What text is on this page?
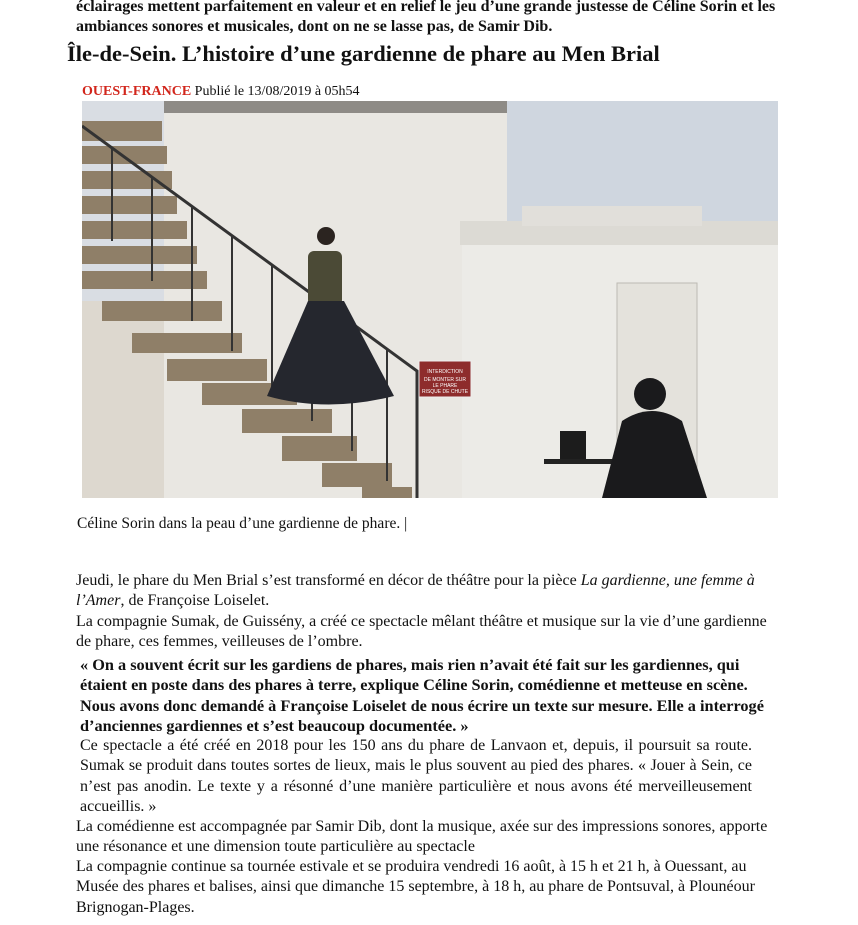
éclairages mettent parfaitement en valeur et en relief le jeu d’une grande justesse de Céline Sorin et les ambiances sonores et musicales, dont on ne se lasse pas, de Samir Dib.
Île-de-Sein. L’histoire d’une gardienne de phare au Men Brial
OUEST-FRANCE Publié le 13/08/2019 à 05h54
INTERDICTION
DE MONTER SUR
LE PHARE
RISQUE DE CHUTE
Céline Sorin dans la peau d’une gardienne de phare. |
Jeudi, le phare du Men Brial s’est transformé en décor de théâtre pour la pièce La gardienne, une femme à l’Amer, de Françoise Loiselet.
La compagnie Sumak, de Guissény, a créé ce spectacle mêlant théâtre et musique sur la vie d’une gardienne de phare, ces femmes, veilleuses de l’ombre.
« On a souvent écrit sur les gardiens de phares, mais rien n’avait été fait sur les gardiennes, qui étaient en poste dans des phares à terre, explique Céline Sorin, comédienne et metteuse en scène. Nous avons donc demandé à Françoise Loiselet de nous écrire un texte sur mesure. Elle a interrogé d’anciennes gardiennes et s’est beaucoup documentée. »
Ce spectacle a été créé en 2018 pour les 150 ans du phare de Lanvaon et, depuis, il poursuit sa route. Sumak se produit dans toutes sortes de lieux, mais le plus souvent au pied des phares. « Jouer à Sein, ce n’est pas anodin. Le texte y a résonné d’une manière particulière et nous avons été merveilleusement accueillis. »
La comédienne est accompagnée par Samir Dib, dont la musique, axée sur des impressions sonores, apporte une résonance et une dimension toute particulière au spectacle
La compagnie continue sa tournée estivale et se produira vendredi 16 août, à 15 h et 21 h, à Ouessant, au Musée des phares et balises, ainsi que dimanche 15 septembre, à 18 h, au phare de Pontsuval, à Plounéour Brignogan-Plages.
